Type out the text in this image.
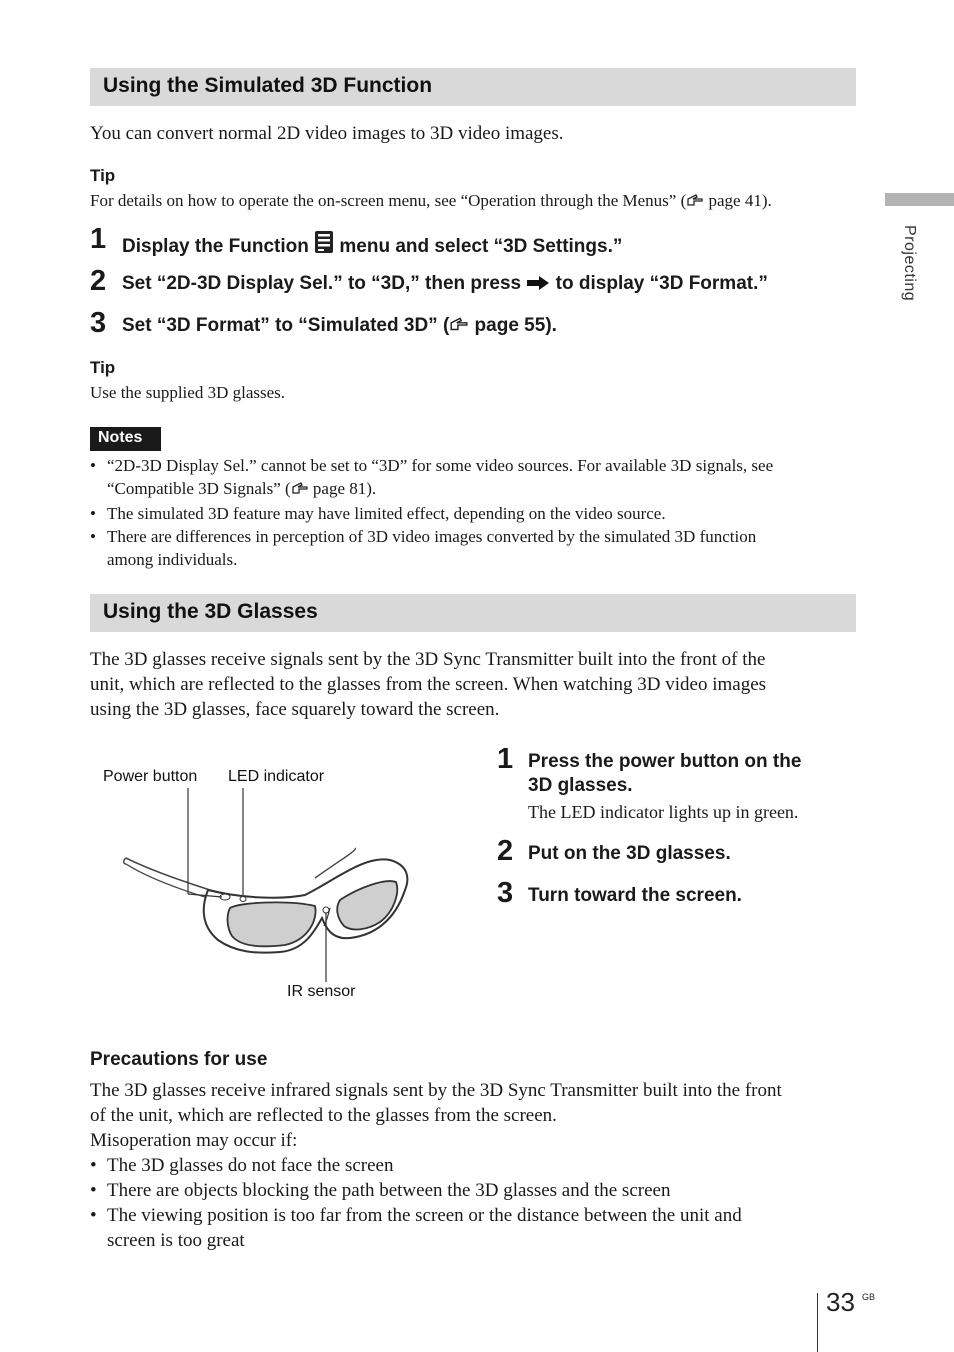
Projecting
Using the Simulated 3D Function
You can convert normal 2D video images to 3D video images.
Tip
For details on how to operate the on-screen menu, see “Operation through the Menus” ( page 41).
1 Display the Function  menu and select “3D Settings.”
2 Set “2D-3D Display Sel.” to “3D,” then press  to display “3D Format.”
3 Set “3D Format” to “Simulated 3D” ( page 55).
Tip
Use the supplied 3D glasses.
Notes
• “2D-3D Display Sel.” cannot be set to “3D” for some video sources. For available 3D signals, see
“Compatible 3D Signals” ( page 81).
• The simulated 3D feature may have limited effect, depending on the video source.
• There are differences in perception of 3D video images converted by the simulated 3D function
among individuals.
Using the 3D Glasses
The 3D glasses receive signals sent by the 3D Sync Transmitter built into the front of the
unit, which are reflected to the glasses from the screen. When watching 3D video images
using the 3D glasses, face squarely toward the screen.
Power button LED indicator
IR sensor
1 Press the power button on the
3D glasses.
The LED indicator lights up in green.
2 Put on the 3D glasses.
3 Turn toward the screen.
Precautions for use
The 3D glasses receive infrared signals sent by the 3D Sync Transmitter built into the front
of the unit, which are reflected to the glasses from the screen.
Misoperation may occur if:
• The 3D glasses do not face the screen
• There are objects blocking the path between the 3D glasses and the screen
• The viewing position is too far from the screen or the distance between the unit and
screen is too great
33 GB
